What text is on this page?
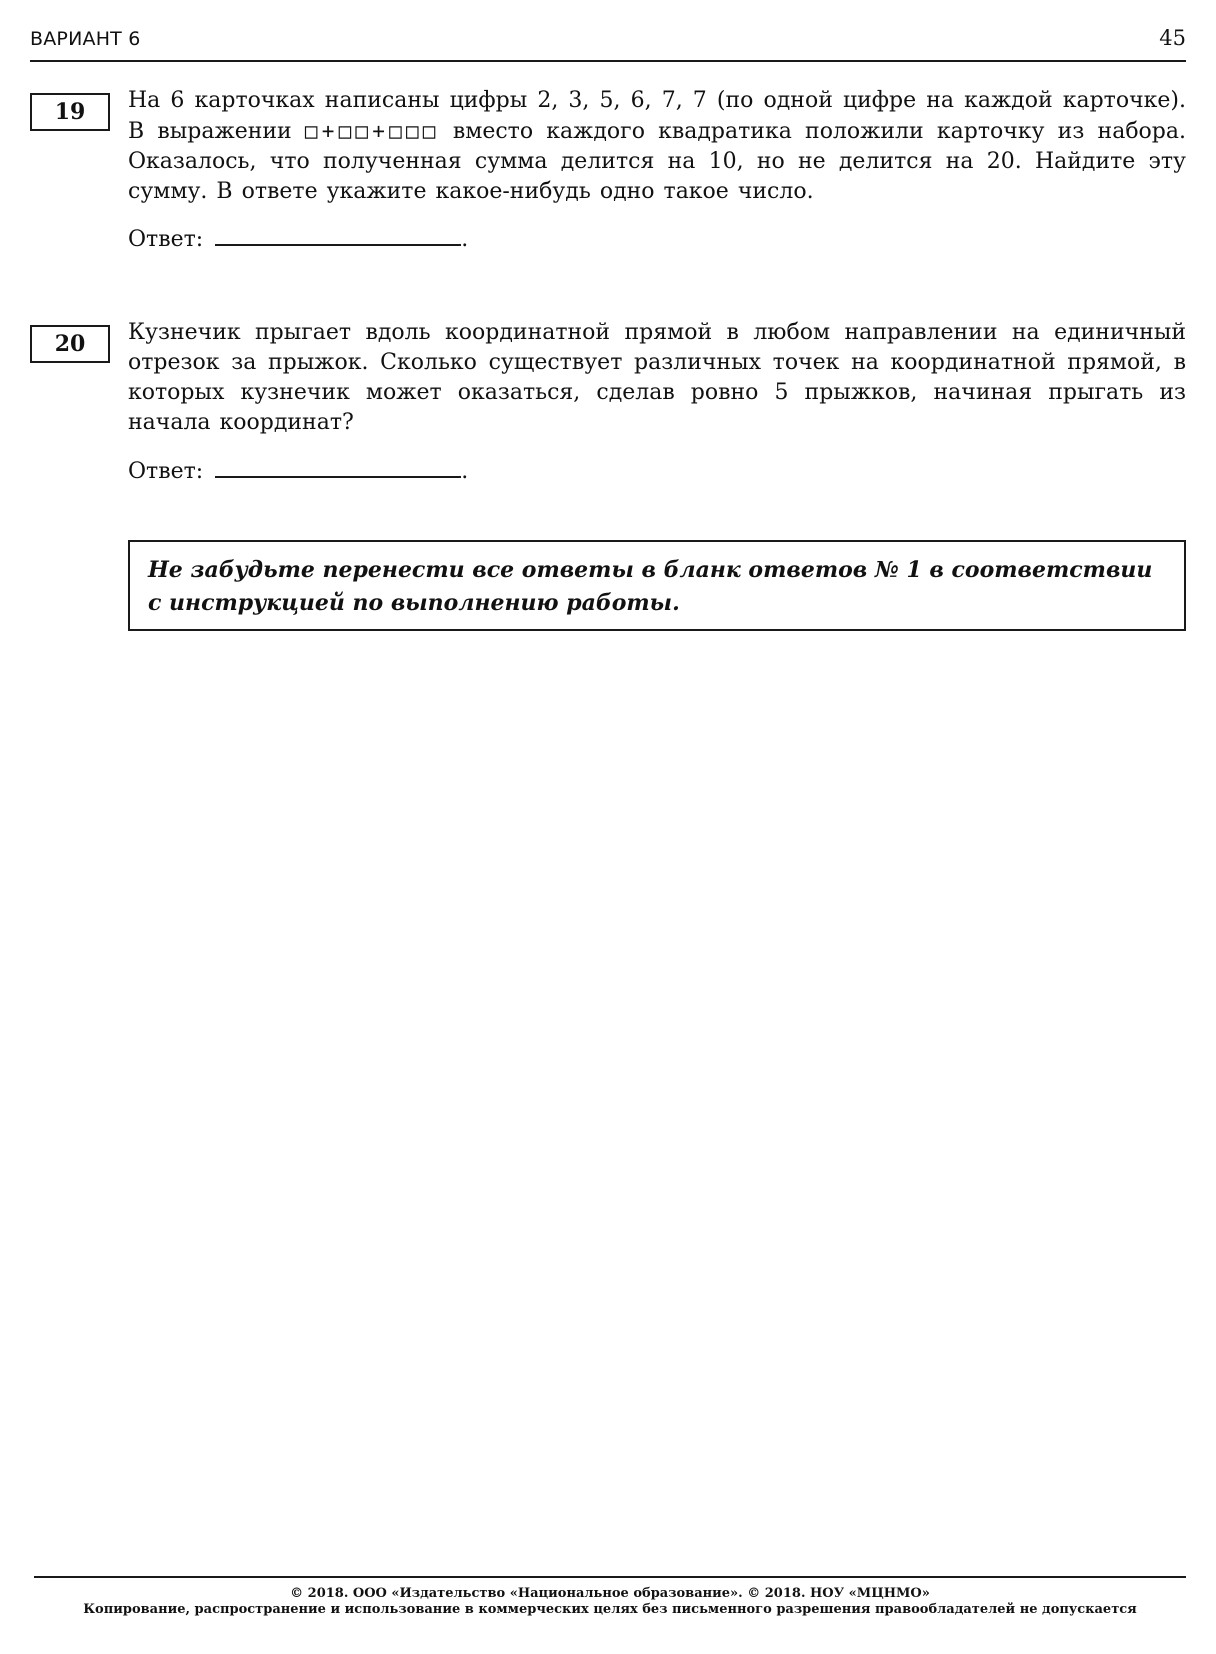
ВАРИАНТ 6	45
19	На 6 карточках написаны цифры 2, 3, 5, 6, 7, 7 (по одной цифре на каждой карточке). В выражении □+□□+□□□ вместо каждого квадратика положили карточку из набора. Оказалось, что полученная сумма делится на 10, но не делится на 20. Найдите эту сумму. В ответе укажите какое-нибудь одно такое число.
Ответ:	.
20	Кузнечик прыгает вдоль координатной прямой в любом направлении на единичный отрезок за прыжок. Сколько существует различных точек на координатной прямой, в которых кузнечик может оказаться, сделав ровно 5 прыжков, начиная прыгать из начала координат?
Ответ:	.
Не забудьте перенести все ответы в бланк ответов № 1 в соответствии с инструкцией по выполнению работы.
© 2018. ООО «Издательство «Национальное образование». © 2018. НОУ «МЦНМО»
Копирование, распространение и использование в коммерческих целях без письменного разрешения правообладателей не допускается
